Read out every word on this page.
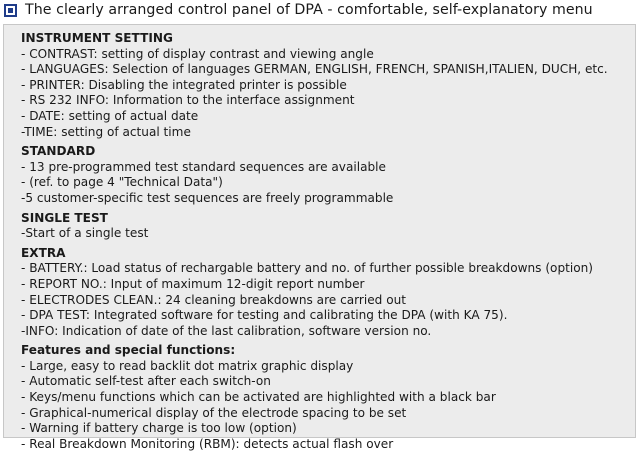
The clearly arranged control panel of DPA - comfortable, self-explanatory menu
INSTRUMENT SETTING
- CONTRAST: setting of display contrast and viewing angle
- LANGUAGES: Selection of languages GERMAN, ENGLISH, FRENCH, SPANISH,ITALIEN, DUCH, etc.
- PRINTER: Disabling the integrated printer is possible
- RS 232 INFO: Information to the interface assignment
- DATE: setting of actual date
-TIME: setting of actual time
STANDARD
- 13 pre-programmed test standard sequences are available
- (ref. to page 4 "Technical Data")
-5 customer-specific test sequences are freely programmable
SINGLE TEST
-Start of a single test
EXTRA
- BATTERY.: Load status of rechargable battery and no. of further possible breakdowns (option)
- REPORT NO.: Input of maximum 12-digit report number
- ELECTRODES CLEAN.: 24 cleaning breakdowns are carried out
- DPA TEST: Integrated software for testing and calibrating the DPA (with KA 75).
-INFO: Indication of date of the last calibration, software version no.
Features and special functions:
- Large, easy to read backlit dot matrix graphic display
- Automatic self-test after each switch-on
- Keys/menu functions which can be activated are highlighted with a black bar
- Graphical-numerical display of the electrode spacing to be set
- Warning if battery charge is too low (option)
- Real Breakdown Monitoring (RBM): detects actual flash over
